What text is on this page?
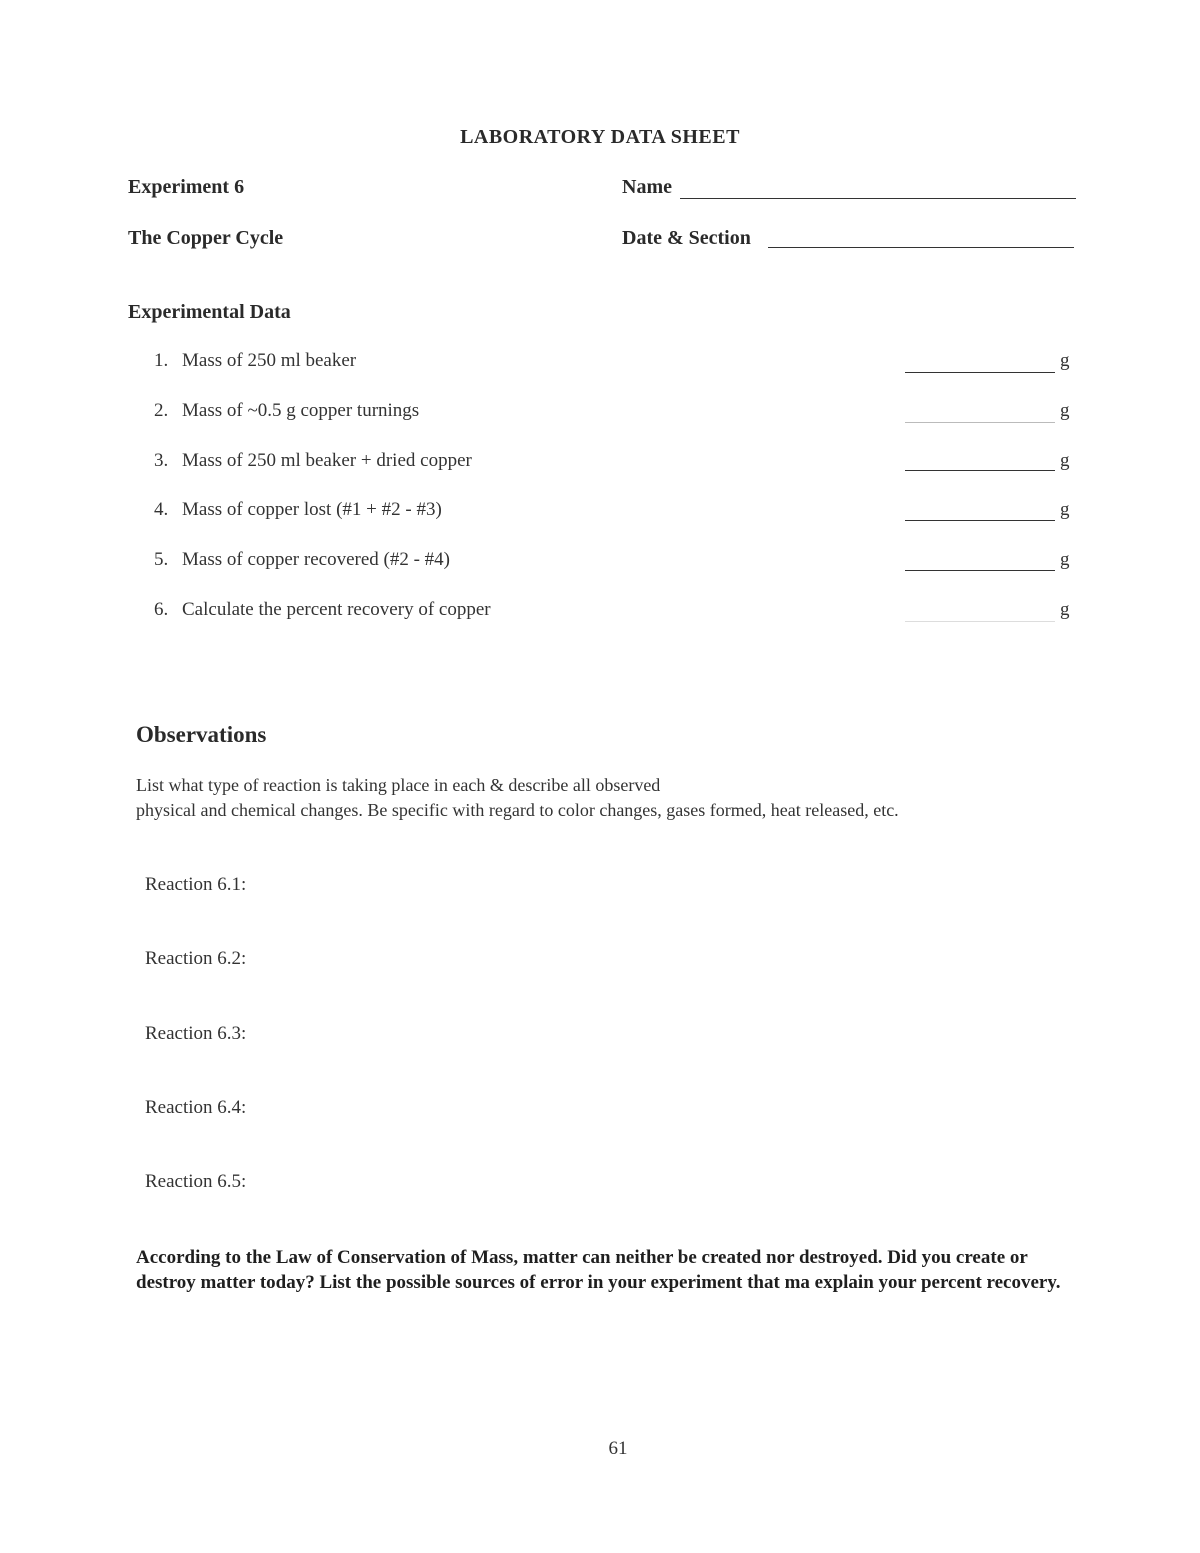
LABORATORY DATA SHEET
Experiment 6
The Copper Cycle
Name
Date & Section
Experimental Data
1. Mass of 250 ml beaker	g
2. Mass of ~0.5 g copper turnings	g
3. Mass of 250 ml beaker + dried copper	g
4. Mass of copper lost (#1 + #2 - #3)	g
5. Mass of copper recovered (#2 - #4)	g
6. Calculate the percent recovery of copper	g
Observations
List what type of reaction is taking place in each & describe all observed
physical and chemical changes. Be specific with regard to color changes, gases formed, heat released, etc.
Reaction 6.1:
Reaction 6.2:
Reaction 6.3:
Reaction 6.4:
Reaction 6.5:
According to the Law of Conservation of Mass, matter can neither be created nor destroyed. Did you create or destroy matter today? List the possible sources of error in your experiment that ma explain your percent recovery.
61
